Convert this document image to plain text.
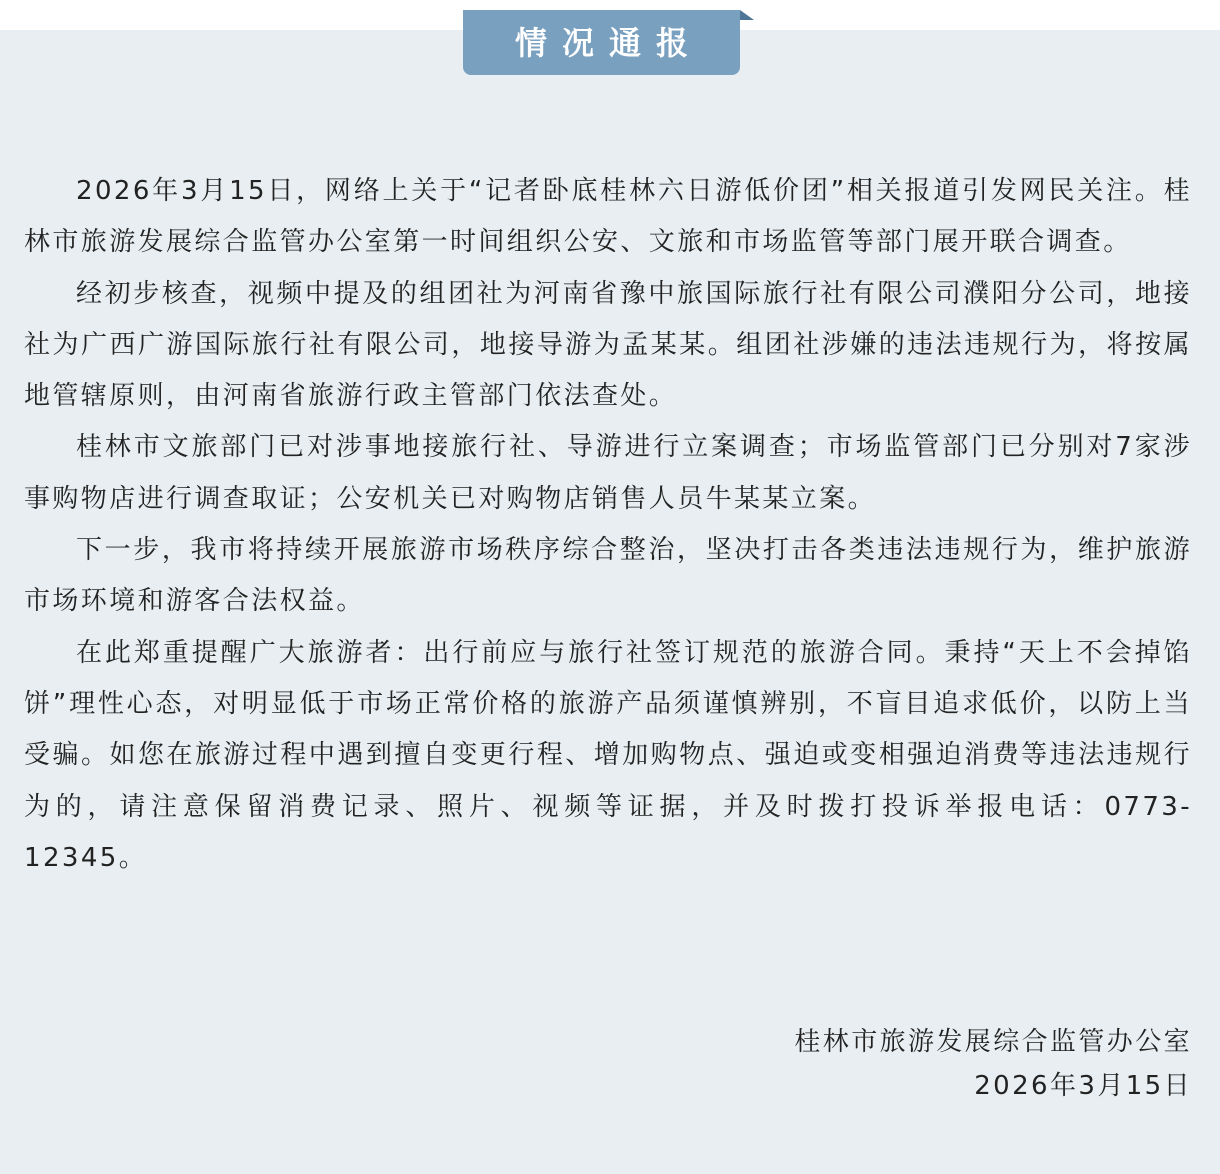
情况通报

2026年3月15日，网络上关于“记者卧底桂林六日游低价团”相关报道引发网民关注。桂林市旅游发展综合监管办公室第一时间组织公安、文旅和市场监管等部门展开联合调查。

经初步核查，视频中提及的组团社为河南省豫中旅国际旅行社有限公司濮阳分公司，地接社为广西广游国际旅行社有限公司，地接导游为孟某某。组团社涉嫌的违法违规行为，将按属地管辖原则，由河南省旅游行政主管部门依法查处。

桂林市文旅部门已对涉事地接旅行社、导游进行立案调查；市场监管部门已分别对7家涉事购物店进行调查取证；公安机关已对购物店销售人员牛某某立案。

下一步，我市将持续开展旅游市场秩序综合整治，坚决打击各类违法违规行为，维护旅游市场环境和游客合法权益。

在此郑重提醒广大旅游者：出行前应与旅行社签订规范的旅游合同。秉持“天上不会掉馅饼”理性心态，对明显低于市场正常价格的旅游产品须谨慎辨别，不盲目追求低价，以防上当受骗。如您在旅游过程中遇到擅自变更行程、增加购物点、强迫或变相强迫消费等违法违规行为的，请注意保留消费记录、照片、视频等证据，并及时拨打投诉举报电话：0773-12345。

桂林市旅游发展综合监管办公室
2026年3月15日
